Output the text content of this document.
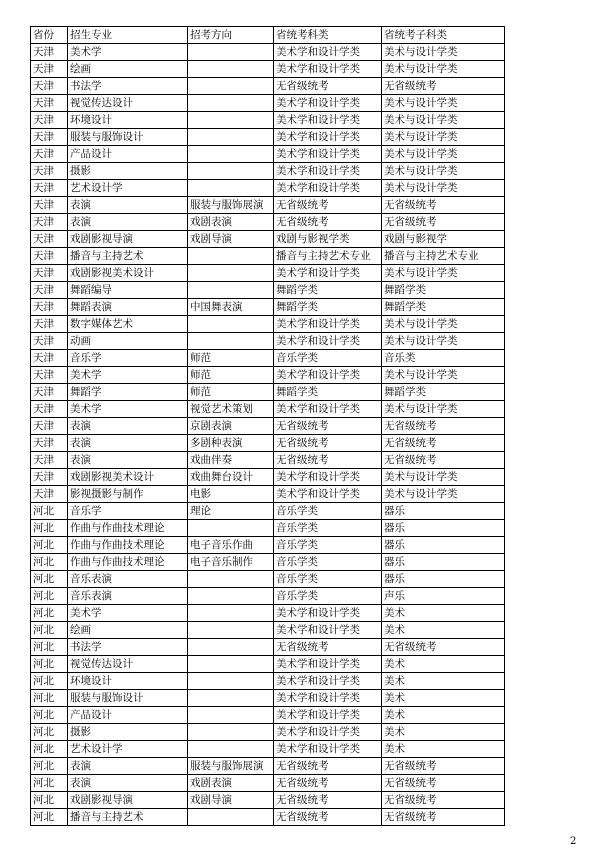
省份	招生专业	招考方向	省统考科类	省统考子科类
天津	美术学		美术学和设计学类	美术与设计学类
天津	绘画		美术学和设计学类	美术与设计学类
天津	书法学		无省级统考	无省级统考
天津	视觉传达设计		美术学和设计学类	美术与设计学类
天津	环境设计		美术学和设计学类	美术与设计学类
天津	服装与服饰设计		美术学和设计学类	美术与设计学类
天津	产品设计		美术学和设计学类	美术与设计学类
天津	摄影		美术学和设计学类	美术与设计学类
天津	艺术设计学		美术学和设计学类	美术与设计学类
天津	表演	服装与服饰展演	无省级统考	无省级统考
天津	表演	戏剧表演	无省级统考	无省级统考
天津	戏剧影视导演	戏剧导演	戏剧与影视学类	戏剧与影视学
天津	播音与主持艺术		播音与主持艺术专业	播音与主持艺术专业
天津	戏剧影视美术设计		美术学和设计学类	美术与设计学类
天津	舞蹈编导		舞蹈学类	舞蹈学类
天津	舞蹈表演	中国舞表演	舞蹈学类	舞蹈学类
天津	数字媒体艺术		美术学和设计学类	美术与设计学类
天津	动画		美术学和设计学类	美术与设计学类
天津	音乐学	师范	音乐学类	音乐类
天津	美术学	师范	美术学和设计学类	美术与设计学类
天津	舞蹈学	师范	舞蹈学类	舞蹈学类
天津	美术学	视觉艺术策划	美术学和设计学类	美术与设计学类
天津	表演	京剧表演	无省级统考	无省级统考
天津	表演	多剧种表演	无省级统考	无省级统考
天津	表演	戏曲伴奏	无省级统考	无省级统考
天津	戏剧影视美术设计	戏曲舞台设计	美术学和设计学类	美术与设计学类
天津	影视摄影与制作	电影	美术学和设计学类	美术与设计学类
河北	音乐学	理论	音乐学类	器乐
河北	作曲与作曲技术理论		音乐学类	器乐
河北	作曲与作曲技术理论	电子音乐作曲	音乐学类	器乐
河北	作曲与作曲技术理论	电子音乐制作	音乐学类	器乐
河北	音乐表演		音乐学类	器乐
河北	音乐表演		音乐学类	声乐
河北	美术学		美术学和设计学类	美术
河北	绘画		美术学和设计学类	美术
河北	书法学		无省级统考	无省级统考
河北	视觉传达设计		美术学和设计学类	美术
河北	环境设计		美术学和设计学类	美术
河北	服装与服饰设计		美术学和设计学类	美术
河北	产品设计		美术学和设计学类	美术
河北	摄影		美术学和设计学类	美术
河北	艺术设计学		美术学和设计学类	美术
河北	表演	服装与服饰展演	无省级统考	无省级统考
河北	表演	戏剧表演	无省级统考	无省级统考
河北	戏剧影视导演	戏剧导演	无省级统考	无省级统考
河北	播音与主持艺术		无省级统考	无省级统考
2
